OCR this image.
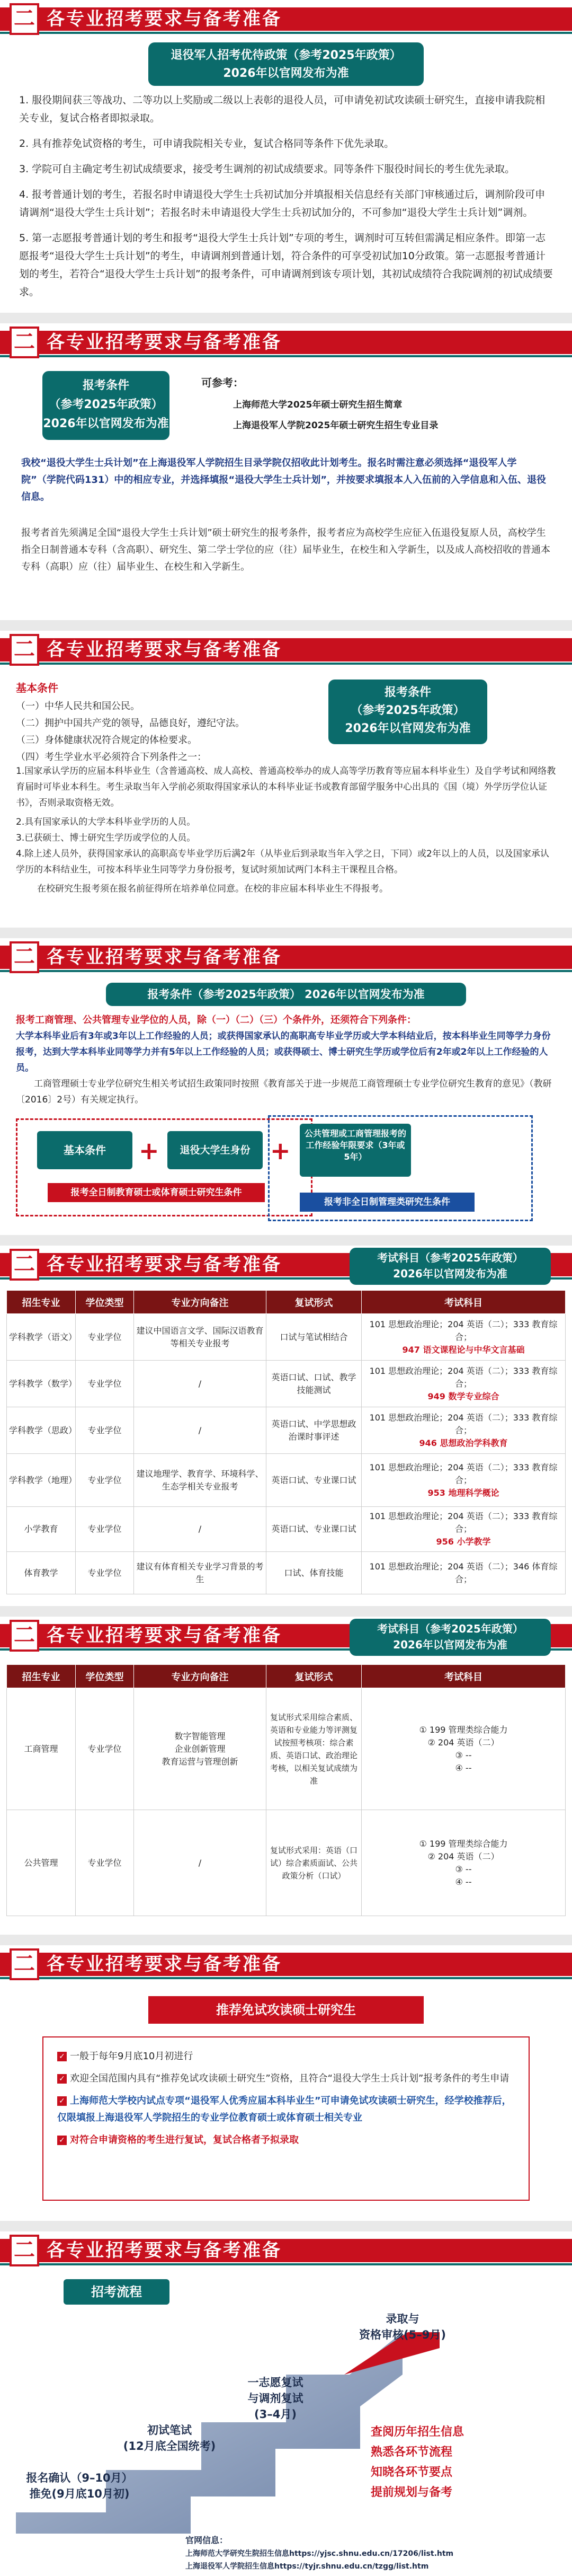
二 各专业招考要求与备考准备
退役军人招考优待政策（参考2025年政策）
2026年以官网发布为准
1. 服役期间获三等战功、二等功以上奖励或二级以上表彰的退役人员，可申请免初试攻读硕士研究生，直接申请我院相关专业，复试合格者即拟录取。
2. 具有推荐免试资格的考生，可申请我院相关专业，复试合格同等条件下优先录取。
3. 学院可自主确定考生初试成绩要求，接受考生调剂的初试成绩要求。同等条件下服役时间长的考生优先录取。
4. 报考普通计划的考生，若报名时申请退役大学生士兵初试加分并填报相关信息经有关部门审核通过后，调剂阶段可申请调剂“退役大学生士兵计划”；若报名时未申请退役大学生士兵初试加分的，不可参加“退役大学生士兵计划”调剂。
5. 第一志愿报考普通计划的考生和报考“退役大学生士兵计划”专项的考生，调剂时可互转但需满足相应条件。即第一志愿报考“退役大学生士兵计划”的考生，申请调剂到普通计划，符合条件的可享受初试加10分政策。第一志愿报考普通计划的考生，若符合“退役大学生士兵计划”的报考条件，可申请调剂到该专项计划，其初试成绩符合我院调剂的初试成绩要求。
二 各专业招考要求与备考准备
报考条件
（参考2025年政策）
2026年以官网发布为准
可参考：
上海师范大学2025年硕士研究生招生简章
上海退役军人学院2025年硕士研究生招生专业目录
我校“退役大学生士兵计划”在上海退役军人学院招生目录学院仅招收此计划考生。报名时需注意必须选择“退役军人学院”（学院代码131）中的相应专业，并选择填报“退役大学生士兵计划”，并按要求填报本人入伍前的入学信息和入伍、退役信息。
报考者首先须满足全国“退役大学生士兵计划”硕士研究生的报考条件，报考者应为高校学生应征入伍退役复原人员，高校学生指全日制普通本专科（含高职）、研究生、第二学士学位的应（往）届毕业生，在校生和入学新生，以及成人高校招收的普通本专科（高职）应（往）届毕业生、在校生和入学新生。
二 各专业招考要求与备考准备
基本条件
（一）中华人民共和国公民。
（二）拥护中国共产党的领导，品德良好，遵纪守法。
（三）身体健康状况符合规定的体检要求。
（四）考生学业水平必须符合下列条件之一：
报考条件
（参考2025年政策）
2026年以官网发布为准
1.国家承认学历的应届本科毕业生（含普通高校、成人高校、普通高校举办的成人高等学历教育等应届本科毕业生）及自学考试和网络教育届时可毕业本科生。考生录取当年入学前必须取得国家承认的本科毕业证书或教育部留学服务中心出具的《国（境）外学历学位认证书》，否则录取资格无效。
2.具有国家承认的大学本科毕业学历的人员。
3.已获硕士、博士研究生学历或学位的人员。
4.除上述人员外，获得国家承认的高职高专毕业学历后满2年（从毕业后到录取当年入学之日，下同）或2年以上的人员，以及国家承认学历的本科结业生，可按本科毕业生同等学力身份报考，复试时须加试两门本科主干课程且合格。
在校研究生报考须在报名前征得所在培养单位同意。在校的非应届本科毕业生不得报考。
二 各专业招考要求与备考准备
报考条件（参考2025年政策） 2026年以官网发布为准
报考工商管理、公共管理专业学位的人员，除（一）（二）（三）个条件外，还须符合下列条件：
大学本科毕业后有3年或3年以上工作经验的人员；或获得国家承认的高职高专毕业学历或大学本科结业后，按本科毕业生同等学力身份报考，达到大学本科毕业同等学力并有5年以上工作经验的人员；或获得硕士、博士研究生学历或学位后有2年或2年以上工作经验的人员。
工商管理硕士专业学位研究生相关考试招生政策同时按照《教育部关于进一步规范工商管理硕士专业学位研究生教育的意见》（教研〔2016〕2号）有关规定执行。
基本条件	+	退役大学生身份 +
公共管理或工商管理报考的工作经验年限要求（3年或5年）
报考全日制教育硕士或体育硕士研究生条件
报考非全日制管理类研究生条件
二 各专业招考要求与备考准备	考试科目（参考2025年政策）
2026年以官网发布为准
招生专业	学位类型	专业方向备注	复试形式	考试科目
学科教学（语文）	专业学位	建议中国语言文学、国际汉语教育等相关专业报考	口试与笔试相结合	101 思想政治理论；204 英语（二）；333 教育综合；
947 语文课程论与中华文言基础
学科教学（数学）	专业学位	/	英语口试、口试、教学技能测试	101 思想政治理论；204 英语（二）；333 教育综合；
949 数学专业综合
学科教学（思政）	专业学位	/	英语口试、中学思想政治课时事评述	101 思想政治理论；204 英语（二）；333 教育综合；
946 思想政治学科教育
学科教学（地理）	专业学位	建议地理学、教育学、环境科学、生态学相关专业报考	英语口试、专业课口试	101 思想政治理论；204 英语（二）；333 教育综合；
953 地理科学概论
小学教育	专业学位	/	英语口试、专业课口试	101 思想政治理论；204 英语（二）；333 教育综合；
956 小学教学
体育教学	专业学位	建议有体育相关专业学习背景的考生	口试、体育技能	101 思想政治理论；204 英语（二）；346 体育综合；
二 各专业招考要求与备考准备	考试科目（参考2025年政策）
2026年以官网发布为准
招生专业	学位类型	专业方向备注	复试形式	考试科目
工商管理	专业学位	数字智能管理
企业创新管理
教育运营与管理创新	复试形式采用综合素质、英语和专业能力等评测复试按照考核项：综合素质、英语口试、政治理论考核，以相关复试成绩为准	① 199 管理类综合能力
② 204 英语（二）
③ --
④ --
公共管理	专业学位	/	复试形式采用：英语（口试）综合素质面试、公共政策分析（口试）	① 199 管理类综合能力
② 204 英语（二）
③ --
④ --
二 各专业招考要求与备考准备
推荐免试攻读硕士研究生
✓ 一般于每年9月底10月初进行
✓ 欢迎全国范围内具有“推荐免试攻读硕士研究生”资格，且符合“退役大学生士兵计划”报考条件的考生申请
✓ 上海师范大学校内试点专项“退役军人优秀应届本科毕业生”可申请免试攻读硕士研究生，经学校推荐后，仅限填报上海退役军人学院招生的专业学位教育硕士或体育硕士相关专业
✓ 对符合申请资格的考生进行复试，复试合格者予拟录取
二 各专业招考要求与备考准备
招考流程
报名确认（9–10月）
推免(9月底10月初)
初试笔试
(12月底全国统考)
一志愿复试
与调剂复试
(3–4月)
录取与
资格审核(5–9月)
查阅历年招生信息
熟悉各环节流程
知晓各环节要点
提前规划与备考
官网信息：
上海师范大学研究生院招生信息https://yjsc.shnu.edu.cn/17206/list.htm
上海退役军人学院招生信息https://tyjr.shnu.edu.cn/tzgg/list.htm
